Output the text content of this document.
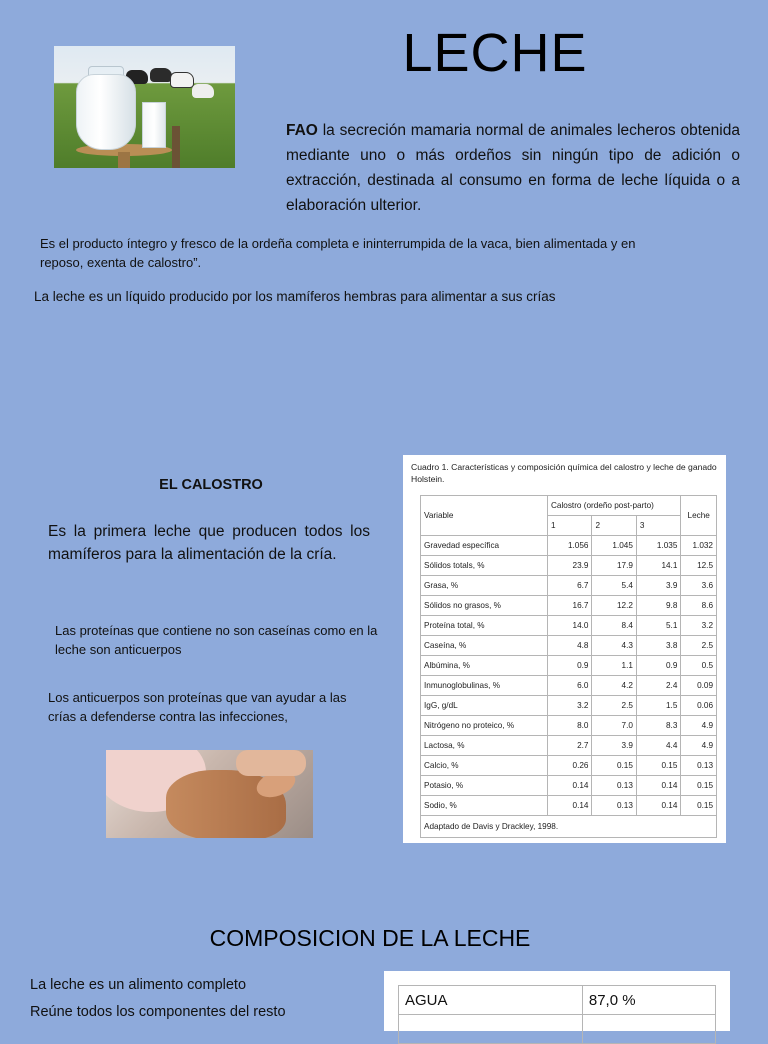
LECHE
FAO la secreción mamaria normal de animales lecheros obtenida mediante uno o más ordeños sin ningún tipo de adición o extracción, destinada al consumo en forma de leche líquida o a elaboración ulterior.
Es el producto íntegro y fresco de la ordeña completa e ininterrumpida de la vaca, bien alimentada y en reposo, exenta de calostro”.
La leche es un líquido producido por los mamíferos hembras para alimentar a sus crías
EL CALOSTRO
Es la primera leche que producen todos los mamíferos para la alimentación de la cría.
Las proteínas que contiene no son caseínas como en la leche son anticuerpos
Los anticuerpos son proteínas que van ayudar a las crías a defenderse contra las infecciones,
Cuadro 1. Características y composición química del calostro y leche de ganado Holstein.
Variable	Calostro (ordeño post-parto)			Leche
	1	2	3	
Gravedad específica	1.056	1.045	1.035	1.032
Sólidos totals, %	23.9	17.9	14.1	12.5
Grasa, %	6.7	5.4	3.9	3.6
Sólidos no grasos, %	16.7	12.2	9.8	8.6
Proteína total, %	14.0	8.4	5.1	3.2
Caseína, %	4.8	4.3	3.8	2.5
Albúmina, %	0.9	1.1	0.9	0.5
Inmunoglobulinas, %	6.0	4.2	2.4	0.09
IgG, g/dL	3.2	2.5	1.5	0.06
Nitrógeno no proteico, %	8.0	7.0	8.3	4.9
Lactosa, %	2.7	3.9	4.4	4.9
Calcio, %	0.26	0.15	0.15	0.13
Potasio, %	0.14	0.13	0.14	0.15
Sodio, %	0.14	0.13	0.14	0.15
Adaptado de Davis y Drackley, 1998.				
COMPOSICION DE LA LECHE
La leche es un alimento completo
Reúne todos los componentes del resto
AGUA	87,0 %
